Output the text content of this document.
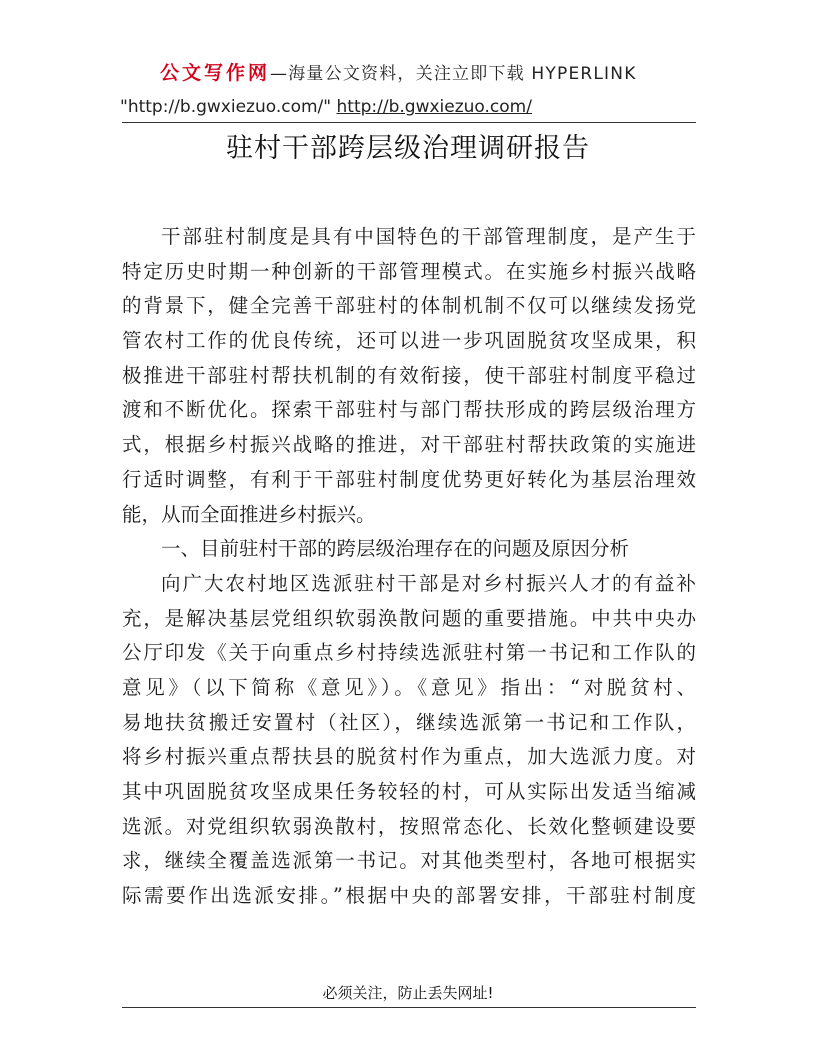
公文写作网—海量公文资料，关注立即下载 HYPERLINK
"http://b.gwxiezuo.com/" http://b.gwxiezuo.com/
驻村干部跨层级治理调研报告
干部驻村制度是具有中国特色的干部管理制度，是产生于
特定历史时期一种创新的干部管理模式。在实施乡村振兴战略
的背景下，健全完善干部驻村的体制机制不仅可以继续发扬党
管农村工作的优良传统，还可以进一步巩固脱贫攻坚成果，积
极推进干部驻村帮扶机制的有效衔接，使干部驻村制度平稳过
渡和不断优化。探索干部驻村与部门帮扶形成的跨层级治理方
式，根据乡村振兴战略的推进，对干部驻村帮扶政策的实施进
行适时调整，有利于干部驻村制度优势更好转化为基层治理效
能，从而全面推进乡村振兴。
一、目前驻村干部的跨层级治理存在的问题及原因分析
向广大农村地区选派驻村干部是对乡村振兴人才的有益补
充，是解决基层党组织软弱涣散问题的重要措施。中共中央办
公厅印发《关于向重点乡村持续选派驻村第一书记和工作队的
意见》（以下简称《意见》）。《意见》指出：“对脱贫村、
易地扶贫搬迁安置村（社区），继续选派第一书记和工作队，
将乡村振兴重点帮扶县的脱贫村作为重点，加大选派力度。对
其中巩固脱贫攻坚成果任务较轻的村，可从实际出发适当缩减
选派。对党组织软弱涣散村，按照常态化、长效化整顿建设要
求，继续全覆盖选派第一书记。对其他类型村，各地可根据实
际需要作出选派安排。”根据中央的部署安排，干部驻村制度
必须关注，防止丢失网址!
